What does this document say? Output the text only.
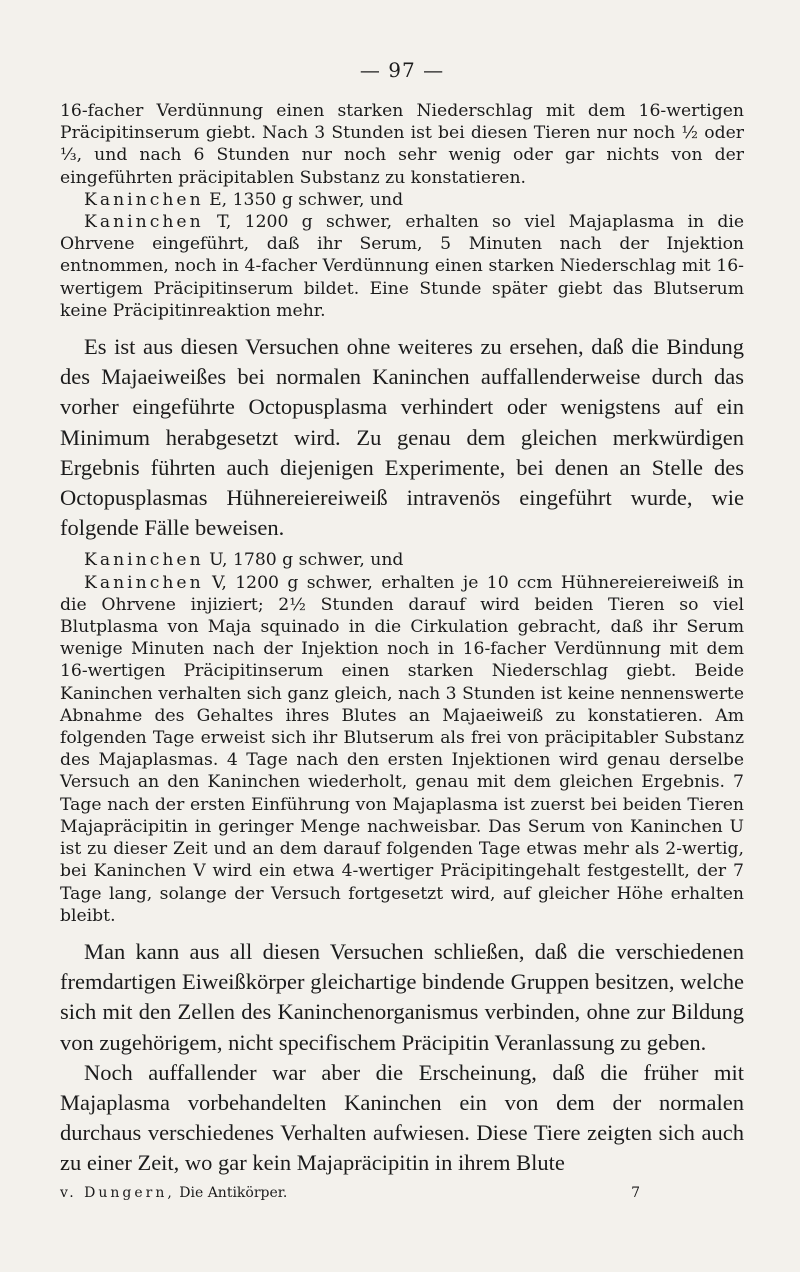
— 97 —

16-facher Verdünnung einen starken Niederschlag mit dem 16-wertigen Präcipitinserum giebt. Nach 3 Stunden ist bei diesen Tieren nur noch ½ oder ⅓, und nach 6 Stunden nur noch sehr wenig oder gar nichts von der eingeführten präcipitablen Substanz zu konstatieren.

Kaninchen E, 1350 g schwer, und

Kaninchen T, 1200 g schwer, erhalten so viel Majaplasma in die Ohrvene eingeführt, daß ihr Serum, 5 Minuten nach der Injektion entnommen, noch in 4-facher Verdünnung einen starken Niederschlag mit 16-wertigem Präcipitinserum bildet. Eine Stunde später giebt das Blutserum keine Präcipitinreaktion mehr.

Es ist aus diesen Versuchen ohne weiteres zu ersehen, daß die Bindung des Majaeiweißes bei normalen Kaninchen auffallenderweise durch das vorher eingeführte Octopusplasma verhindert oder wenigstens auf ein Minimum herabgesetzt wird. Zu genau dem gleichen merkwürdigen Ergebnis führten auch diejenigen Experimente, bei denen an Stelle des Octopusplasmas Hühnereiereiweiß intravenös eingeführt wurde, wie folgende Fälle beweisen.

Kaninchen U, 1780 g schwer, und

Kaninchen V, 1200 g schwer, erhalten je 10 ccm Hühnereiereiweiß in die Ohrvene injiziert; 2½ Stunden darauf wird beiden Tieren so viel Blutplasma von Maja squinado in die Cirkulation gebracht, daß ihr Serum wenige Minuten nach der Injektion noch in 16-facher Verdünnung mit dem 16-wertigen Präcipitinserum einen starken Niederschlag giebt. Beide Kaninchen verhalten sich ganz gleich, nach 3 Stunden ist keine nennenswerte Abnahme des Gehaltes ihres Blutes an Majaeiweiß zu konstatieren. Am folgenden Tage erweist sich ihr Blutserum als frei von präcipitabler Substanz des Majaplasmas. 4 Tage nach den ersten Injektionen wird genau derselbe Versuch an den Kaninchen wiederholt, genau mit dem gleichen Ergebnis. 7 Tage nach der ersten Einführung von Majaplasma ist zuerst bei beiden Tieren Majapräcipitin in geringer Menge nachweisbar. Das Serum von Kaninchen U ist zu dieser Zeit und an dem darauf folgenden Tage etwas mehr als 2-wertig, bei Kaninchen V wird ein etwa 4-wertiger Präcipitingehalt festgestellt, der 7 Tage lang, solange der Versuch fortgesetzt wird, auf gleicher Höhe erhalten bleibt.

Man kann aus all diesen Versuchen schließen, daß die verschiedenen fremdartigen Eiweißkörper gleichartige bindende Gruppen besitzen, welche sich mit den Zellen des Kaninchenorganismus verbinden, ohne zur Bildung von zugehörigem, nicht specifischem Präcipitin Veranlassung zu geben.

Noch auffallender war aber die Erscheinung, daß die früher mit Majaplasma vorbehandelten Kaninchen ein von dem der normalen durchaus verschiedenes Verhalten aufwiesen. Diese Tiere zeigten sich auch zu einer Zeit, wo gar kein Majapräcipitin in ihrem Blute

v. Dungern, Die Antikörper.	7
